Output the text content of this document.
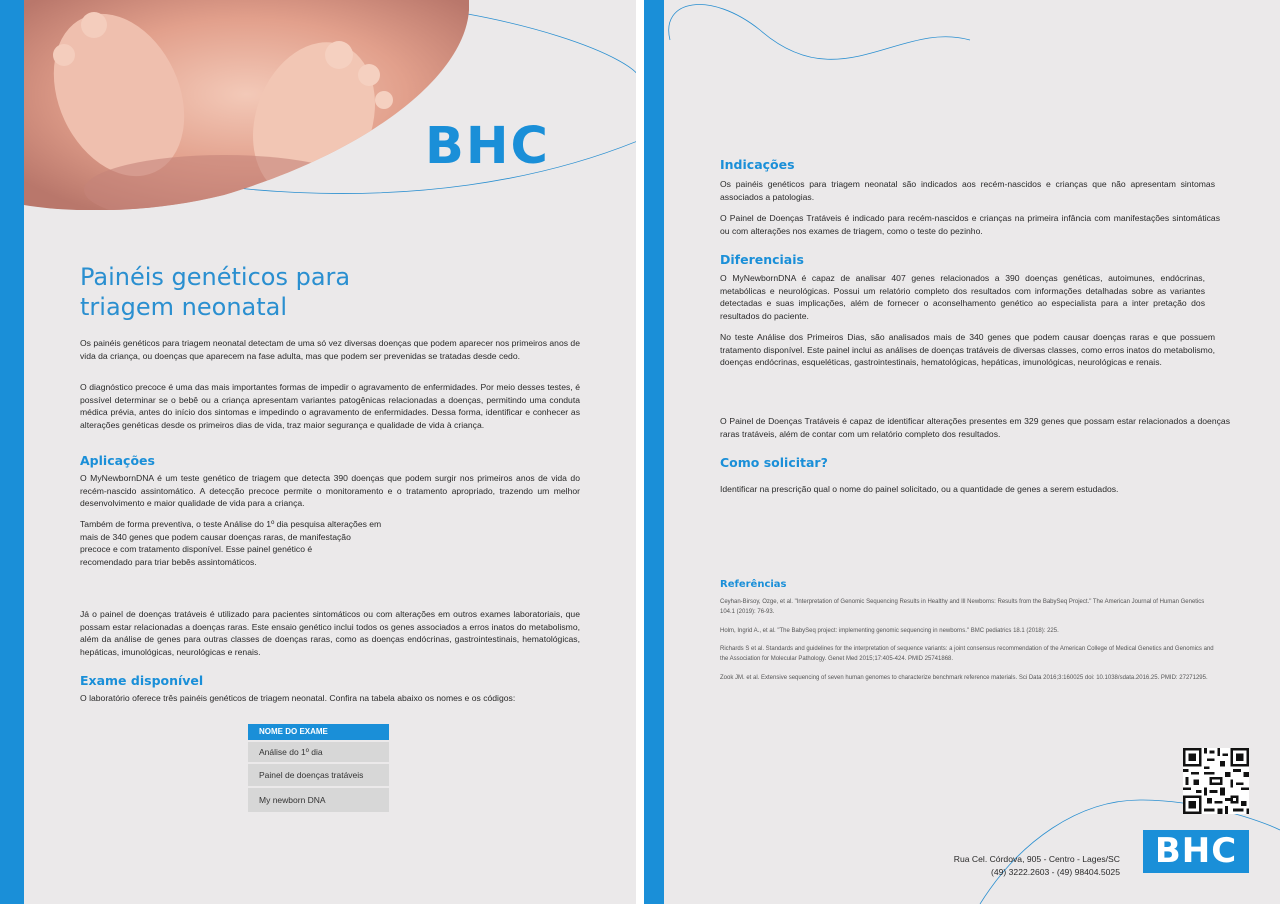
BHC
Painéis genéticos para
triagem neonatal

Os painéis genéticos para triagem neonatal detectam de uma só vez diversas doenças que podem aparecer nos primeiros anos de vida da criança, ou doenças que aparecem na fase adulta, mas que podem ser prevenidas se tratadas desde cedo.

O diagnóstico precoce é uma das mais importantes formas de impedir o agravamento de enfermidades. Por meio desses testes, é possível determinar se o bebê ou a criança apresentam variantes patogênicas relacionadas a doenças, permitindo uma conduta médica prévia, antes do início dos sintomas e impedindo o agravamento de enfermidades. Dessa forma, identificar e conhecer as alterações genéticas desde os primeiros dias de vida, traz maior segurança e qualidade de vida à criança.

Aplicações

O MyNewbornDNA é um teste genético de triagem que detecta 390 doenças que podem surgir nos primeiros anos de vida do recém-nascido assintomático. A detecção precoce permite o monitoramento e o tratamento apropriado, trazendo um melhor desenvolvimento e maior qualidade de vida para a criança.

Também de forma preventiva, o teste Análise do 1º dia pesquisa alterações em
mais de 340 genes que podem causar doenças raras, de manifestação
precoce e com tratamento disponível. Esse painel genético é
recomendado para triar bebês assintomáticos.

Já o painel de doenças tratáveis é utilizado para pacientes sintomáticos ou com alterações em outros exames laboratoriais, que possam estar relacionadas a doenças raras. Este ensaio genético inclui todos os genes associados a erros inatos do metabolismo, além da análise de genes para outras classes de doenças raras, como as doenças endócrinas, gastrointestinais, hematológicas, hepáticas, imunológicas, neurológicas e renais.

Exame disponível

O laboratório oferece três painéis genéticos de triagem neonatal. Confira na tabela abaixo os nomes e os códigos:

NOME DO EXAME
Análise do 1º dia
Painel de doenças tratáveis
My newborn DNA
Indicações

Os painéis genéticos para triagem neonatal são indicados aos recém-nascidos e crianças que não apresentam sintomas associados a patologias.

O Painel de Doenças Tratáveis é indicado para recém-nascidos e crianças na primeira infância com manifestações sintomáticas ou com alterações nos exames de triagem, como o teste do pezinho.

Diferenciais

O MyNewbornDNA é capaz de analisar 407 genes relacionados a 390 doenças genéticas, autoimunes, endócrinas, metabólicas e neurológicas. Possui um relatório completo dos resultados com informações detalhadas sobre as variantes detectadas e suas implicações, além de fornecer o aconselhamento genético ao especialista para a inter pretação dos resultados do paciente.

No teste Análise dos Primeiros Dias, são analisados mais de 340 genes que podem causar doenças raras e que possuem tratamento disponível. Este painel inclui as análises de doenças tratáveis de diversas classes, como erros inatos do metabolismo, doenças endócrinas, esqueléticas, gastrointestinais, hematológicas, hepáticas, imunológicas, neurológicas e renais.

O Painel de Doenças Tratáveis é capaz de identificar alterações presentes em 329 genes que possam estar relacionados a doenças raras tratáveis, além de contar com um relatório completo dos resultados.

Como solicitar?

Identificar na prescrição qual o nome do painel solicitado, ou a quantidade de genes a serem estudados.

Referências

Ceyhan-Birsoy, Ozge, et al. "Interpretation of Genomic Sequencing Results in Healthy and Ill Newborns: Results from the BabySeq Project." The American Journal of Human Genetics 104.1 (2019): 76-93.

Holm, Ingrid A., et al. "The BabySeq project: implementing genomic sequencing in newborns." BMC pediatrics 18.1 (2018): 225.

Richards S et al. Standards and guidelines for the interpretation of sequence variants: a joint consensus recommendation of the American College of Medical Genetics and Genomics and the Association for Molecular Pathology. Genet Med 2015;17:405-424. PMID 25741868.

Zook JM. et al. Extensive sequencing of seven human genomes to characterize benchmark reference materials. Sci Data 2016;3:160025 doi: 10.1038/sdata.2016.25. PMID: 27271295.

BHC
Rua Cel. Córdova, 905 - Centro - Lages/SC
(49) 3222.2603 - (49) 98404.5025
